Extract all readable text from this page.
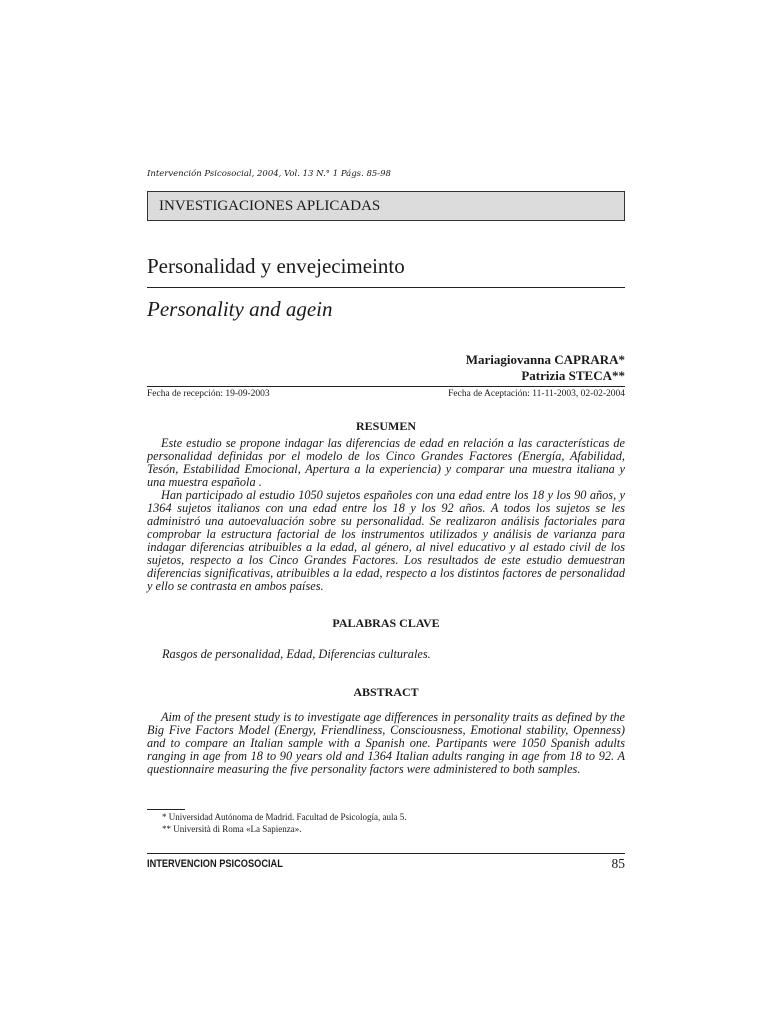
Intervención Psicosocial, 2004, Vol. 13 N.° 1 Págs. 85-98
INVESTIGACIONES APLICADAS
Personalidad y envejecimeinto
Personality and agein
Mariagiovanna CAPRARA*
Patrizia STECA**
Fecha de recepción: 19-09-2003	Fecha de Aceptación: 11-11-2003, 02-02-2004
RESUMEN

Este estudio se propone indagar las diferencias de edad en relación a las características de personalidad definidas por el modelo de los Cinco Grandes Factores (Energía, Afabilidad, Tesón, Estabilidad Emocional, Apertura a la experiencia) y comparar una muestra italiana y una muestra española .

Han participado al estudio 1050 sujetos españoles con una edad entre los 18 y los 90 años, y 1364 sujetos italianos con una edad entre los 18 y los 92 años. A todos los sujetos se les administró una autoevaluación sobre su personalidad. Se realizaron análisis factoriales para comprobar la estructura factorial de los instrumentos utilizados y análisis de varianza para indagar diferencias atribuibles a la edad, al género, al nivel educativo y al estado civil de los sujetos, respecto a los Cinco Grandes Factores. Los resultados de este estudio demuestran diferencias significativas, atribuibles a la edad, respecto a los distintos factores de personalidad y ello se contrasta en ambos países.

PALABRAS CLAVE
Rasgos de personalidad, Edad, Diferencias culturales.
ABSTRACT

Aim of the present study is to investigate age differences in personality traits as defined by the Big Five Factors Model (Energy, Friendliness, Consciousness, Emotional stability, Openness) and to compare an Italian sample with a Spanish one. Partipants were 1050 Spanish adults ranging in age from 18 to 90 years old and 1364 Italian adults ranging in age from 18 to 92. A questionnaire measuring the five personality factors were administered to both samples.

* Universidad Autónoma de Madrid. Facultad de Psicología, aula 5.
** Università di Roma «La Sapienza».
INTERVENCION PSICOSOCIAL	85
